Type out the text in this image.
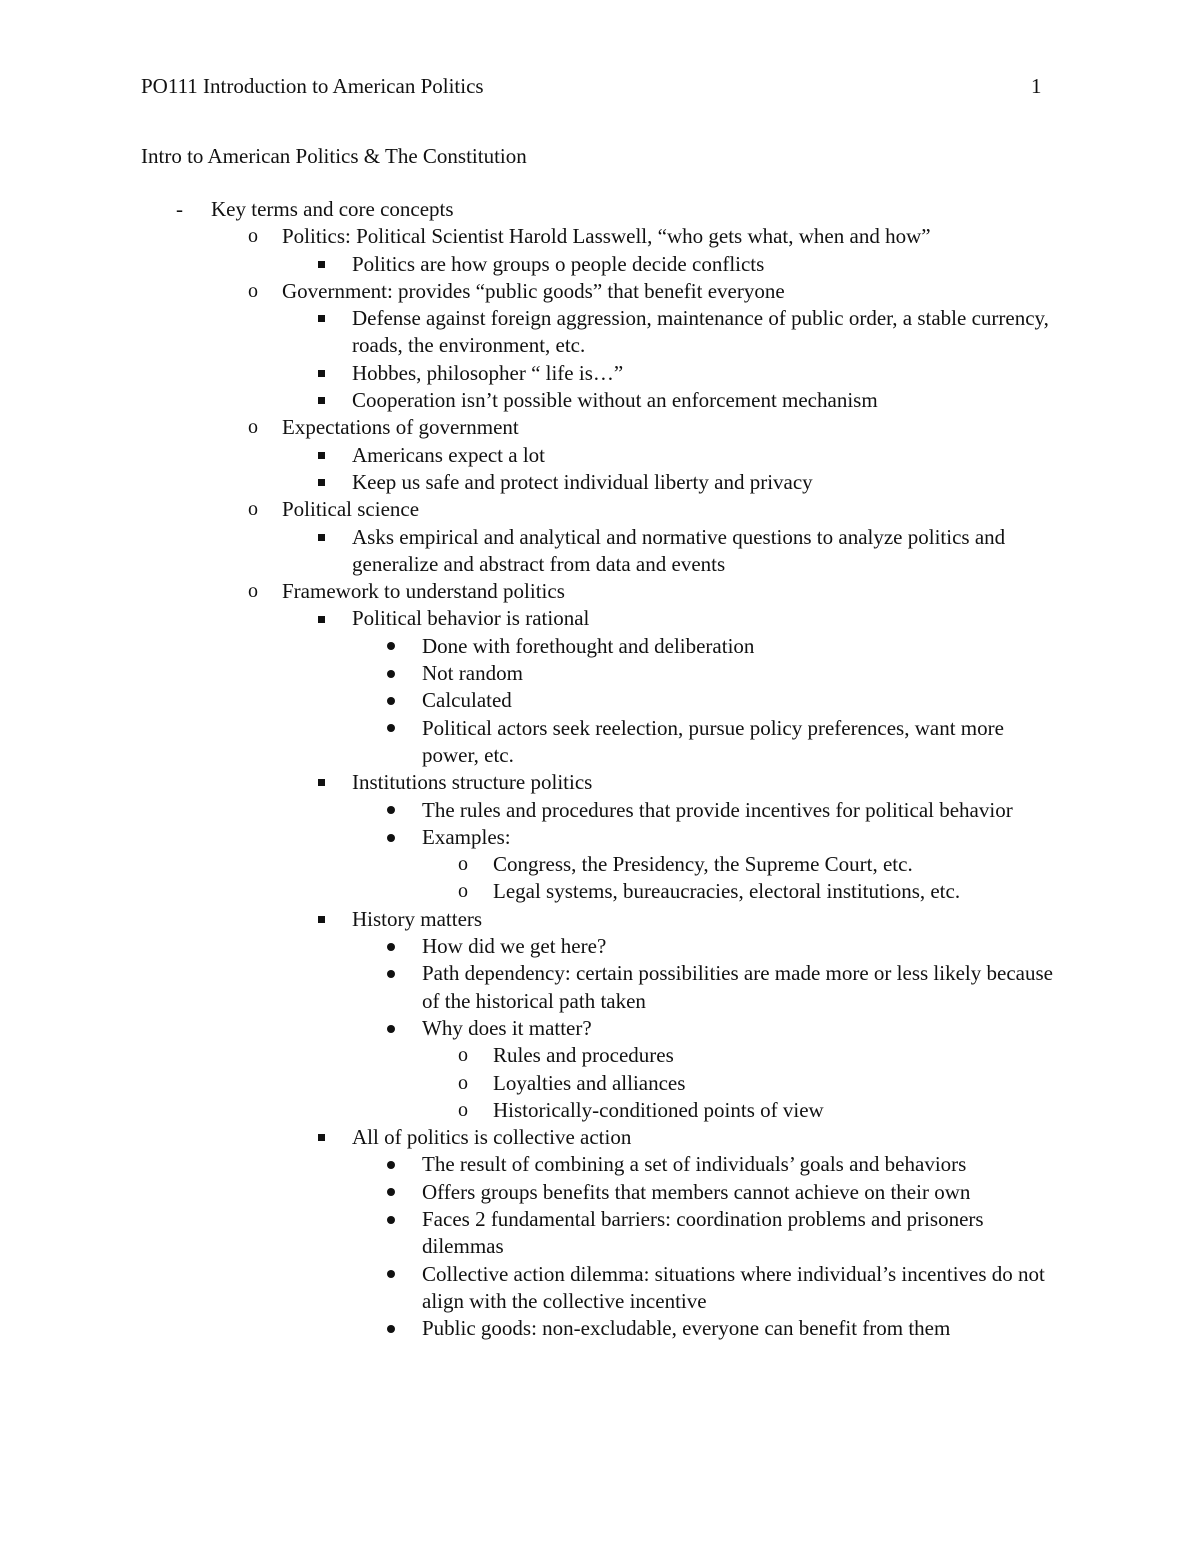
PO111 Introduction to American Politics	1
Intro to American Politics & The Constitution
- Key terms and core concepts
o Politics: Political Scientist Harold Lasswell, “who gets what, when and how”
Politics are how groups o people decide conflicts
o Government: provides “public goods” that benefit everyone
Defense against foreign aggression, maintenance of public order, a stable currency, roads, the environment, etc.
Hobbes, philosopher “ life is…”
Cooperation isn’t possible without an enforcement mechanism
o Expectations of government
Americans expect a lot
Keep us safe and protect individual liberty and privacy
o Political science
Asks empirical and analytical and normative questions to analyze politics and generalize and abstract from data and events
o Framework to understand politics
Political behavior is rational
Done with forethought and deliberation
Not random
Calculated
Political actors seek reelection, pursue policy preferences, want more power, etc.
Institutions structure politics
The rules and procedures that provide incentives for political behavior
Examples:
o Congress, the Presidency, the Supreme Court, etc.
o Legal systems, bureaucracies, electoral institutions, etc.
History matters
How did we get here?
Path dependency: certain possibilities are made more or less likely because of the historical path taken
Why does it matter?
o Rules and procedures
o Loyalties and alliances
o Historically-conditioned points of view
All of politics is collective action
The result of combining a set of individuals’ goals and behaviors
Offers groups benefits that members cannot achieve on their own
Faces 2 fundamental barriers: coordination problems and prisoners dilemmas
Collective action dilemma: situations where individual’s incentives do not align with the collective incentive
Public goods: non-excludable, everyone can benefit from them
